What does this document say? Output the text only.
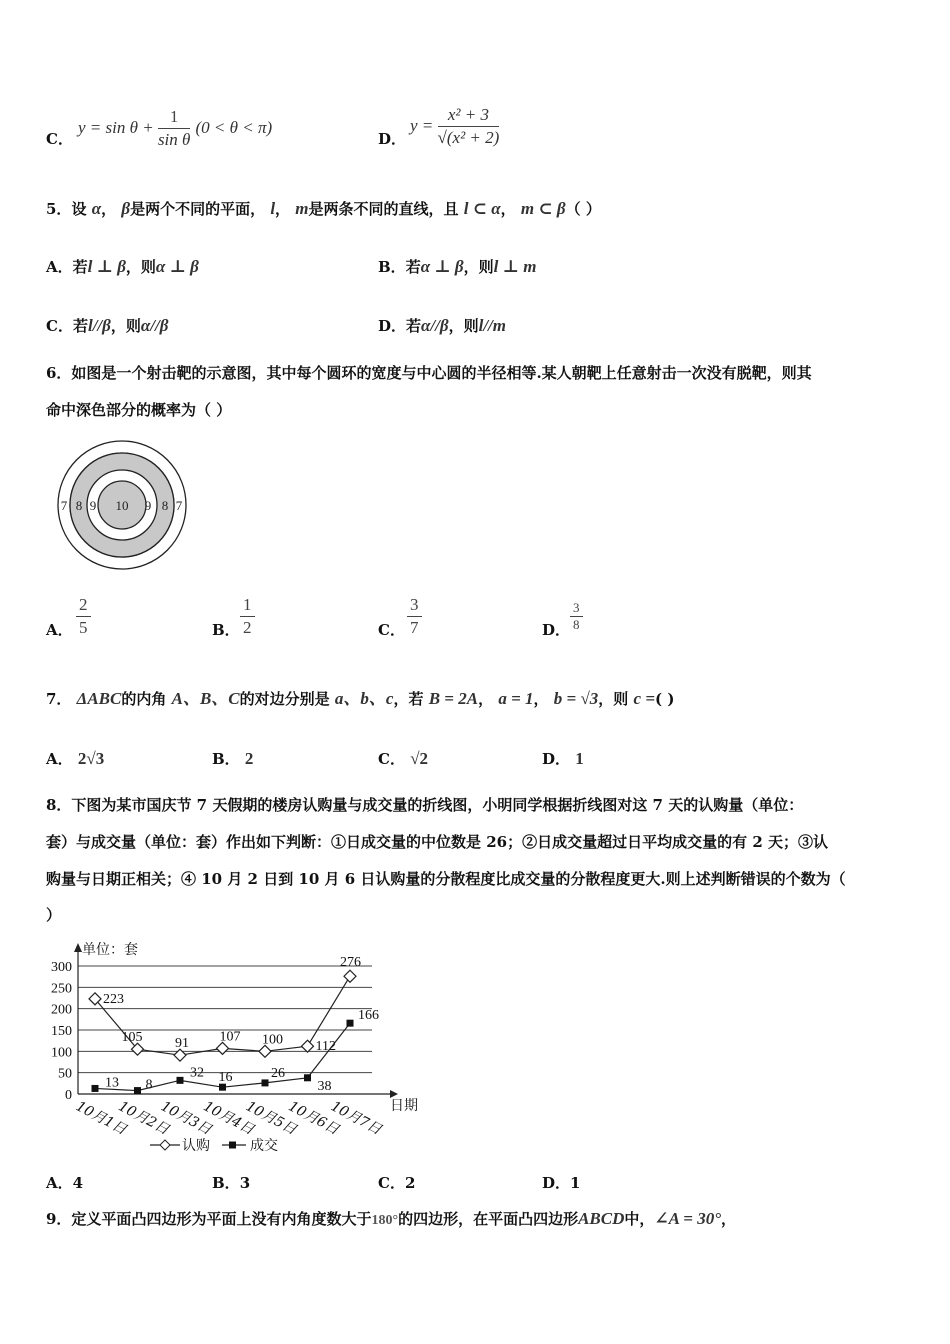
C．
$y = \sin \theta + \frac{1}{\text{sin θ}} (0 < \theta < \pi)$
D．
$y = \frac{\text{x² + 3}}{\text{√(x² + 2)}}$
5．设 α， β是两个不同的平面， l， m是两条不同的直线，且 l ⊂ α， m ⊂ β（ ）
A．若l ⊥ β，则α ⊥ β	B．若α ⊥ β，则l ⊥ m
C．若l//β，则α//β	D．若α//β，则l//m
6．如图是一个射击靶的示意图，其中每个圆环的宽度与中心圆的半径相等.某人朝靶上任意射击一次没有脱靶，则其
命中深色部分的概率为（ ）
7 8 9 10 9 8 7
A． $\frac{2}{5}$	B． $\frac{1}{2}$	C． $\frac{3}{7}$	D． $\frac{3}{8}$
7． ΔABC的内角 A、B、C的对边分别是 a、b、c，若 B = 2A， a = 1， b = √3，则 c =( )
A． 2√3	B． 2	C． √2	D． 1
8．下图为某市国庆节 7 天假期的楼房认购量与成交量的折线图，小明同学根据折线图对这 7 天的认购量（单位：
套）与成交量（单位：套）作出如下判断：①日成交量的中位数是 26；②日成交量超过日平均成交量的有 2 天；③认
购量与日期正相关；④ 10 月 2 日到 10 月 6 日认购量的分散程度比成交量的分散程度更大.则上述判断错误的个数为（
）
0
50
100
150
200
250
300
单位：套
日期
10月1日
10月2日
10月3日
10月4日
10月5日
10月6日
10月7日
223
105 91 107 100 112
276
13 8
32 16	26
38
166
认购	成交
A．4	B．3	C．2	D．1
9．定义平面凸四边形为平面上没有内角度数大于180°的四边形，在平面凸四边形ABCD中，∠A = 30°，
